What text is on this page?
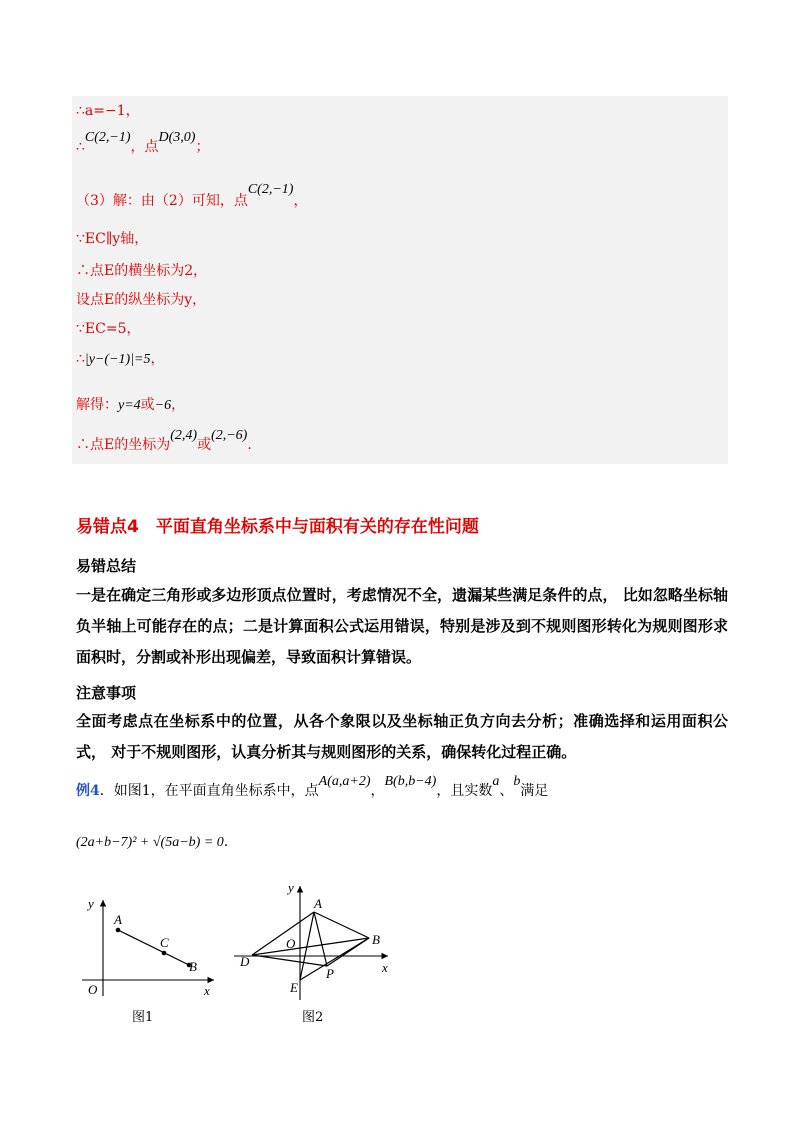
∴a=−1，
∴C(2,−1)，点D(3,0)；
（3）解：由（2）可知，点C(2,−1)，
∵EC∥y轴，
∴点E的横坐标为2，
设点E的纵坐标为y，
∵EC=5，
∴|y−(−1)|=5，
解得：y=4或−6，
∴点E的坐标为(2,4)或(2,−6).
易错点4　平面直角坐标系中与面积有关的存在性问题
易错总结
一是在确定三角形或多边形顶点位置时，考虑情况不全，遗漏某些满足条件的点， 比如忽略坐标轴负半轴上可能存在的点；二是计算面积公式运用错误，特别是涉及到不规则图形转化为规则图形求面积时，分割或补形出现偏差，导致面积计算错误。
注意事项
全面考虑点在坐标系中的位置，从各个象限以及坐标轴正负方向去分析；准确选择和运用面积公式， 对于不规则图形，认真分析其与规则图形的关系，确保转化过程正确。
例4．如图1，在平面直角坐标系中，点A(a,a+2)，B(b,b−4)，且实数a、b满足
(2a+b−7)² + √(5a−b) = 0.
y
x
O
A
C
B
图1
y
x
O
A
B
D
E
P
图2
